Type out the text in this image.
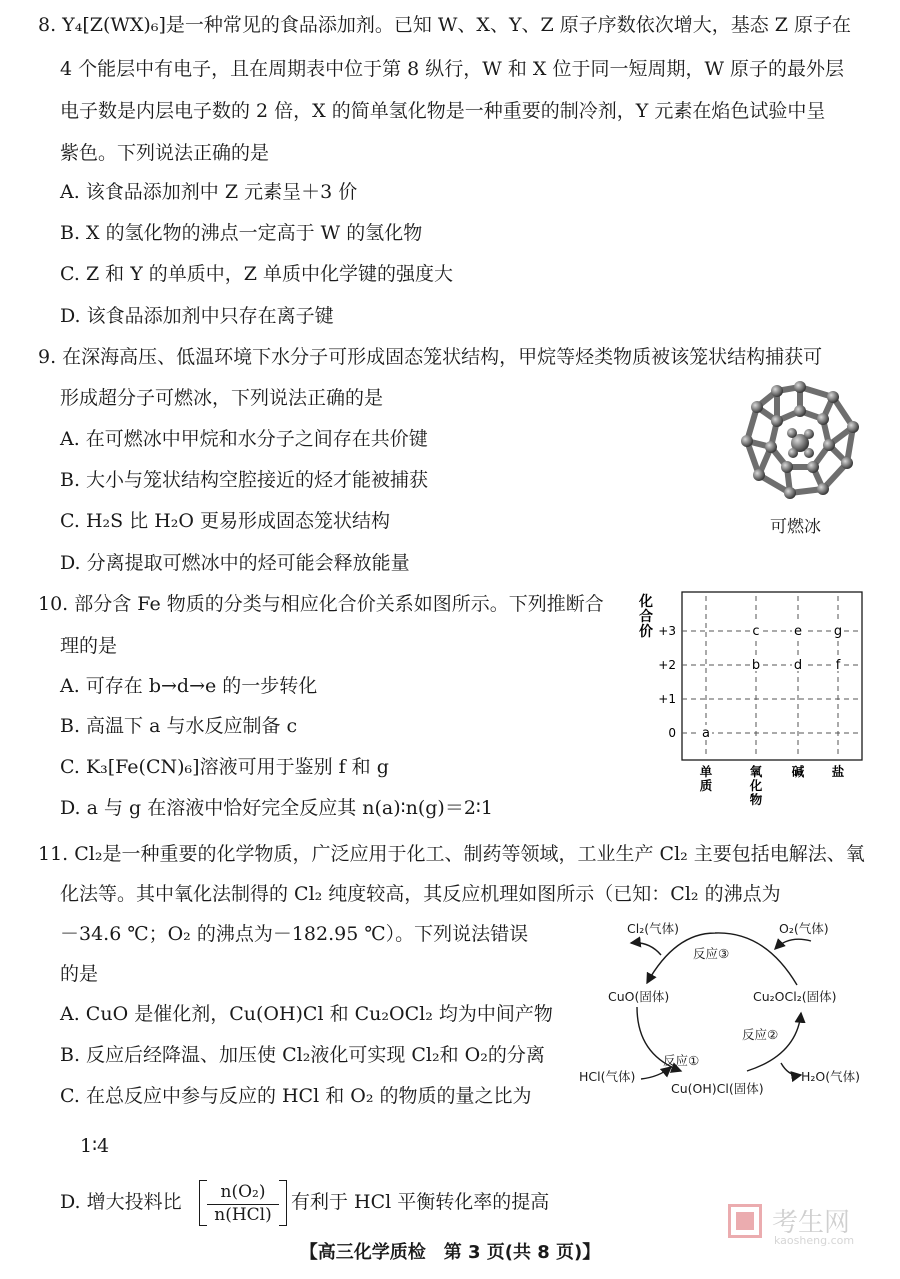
8. Y₄[Z(WX)₆]是一种常见的食品添加剂。已知 W、X、Y、Z 原子序数依次增大，基态 Z 原子在
4 个能层中有电子，且在周期表中位于第 8 纵行，W 和 X 位于同一短周期，W 原子的最外层
电子数是内层电子数的 2 倍，X 的简单氢化物是一种重要的制冷剂，Y 元素在焰色试验中呈
紫色。下列说法正确的是
A. 该食品添加剂中 Z 元素呈＋3 价
B. X 的氢化物的沸点一定高于 W 的氢化物
C. Z 和 Y 的单质中，Z 单质中化学键的强度大
D. 该食品添加剂中只存在离子键
9. 在深海高压、低温环境下水分子可形成固态笼状结构，甲烷等烃类物质被该笼状结构捕获可
形成超分子可燃冰，下列说法正确的是
A. 在可燃冰中甲烷和水分子之间存在共价键
B. 大小与笼状结构空腔接近的烃才能被捕获
C. H₂S 比 H₂O 更易形成固态笼状结构
D. 分离提取可燃冰中的烃可能会释放能量
可燃冰
10. 部分含 Fe 物质的分类与相应化合价关系如图所示。下列推断合
理的是
A. 可存在 b→d→e 的一步转化
B. 高温下 a 与水反应制备 c
C. K₃[Fe(CN)₆]溶液可用于鉴别 f 和 g
D. a 与 g 在溶液中恰好完全反应其 n(a)∶n(g)＝2∶1
化
合
价 +3
+2
+1
0
单
质
氧
化
物
碱 盐
a
b
c
d
e
f
g
11. Cl₂是一种重要的化学物质，广泛应用于化工、制药等领域，工业生产 Cl₂ 主要包括电解法、氧
化法等。其中氧化法制得的 Cl₂ 纯度较高，其反应机理如图所示（已知：Cl₂ 的沸点为
－34.6 ℃；O₂ 的沸点为－182.95 ℃）。下列说法错误
的是
A. CuO 是催化剂，Cu(OH)Cl 和 Cu₂OCl₂ 均为中间产物
B. 反应后经降温、加压使 Cl₂液化可实现 Cl₂和 O₂的分离
C. 在总反应中参与反应的 HCl 和 O₂ 的物质的量之比为
1∶4
D. 增大投料比	n(O₂)
n(HCl)
有利于 HCl 平衡转化率的提高
Cl₂(气体)	O₂(气体)
反应③
CuO(固体)	Cu₂OCl₂(固体)
反应②
反应①
HCl(气体)
Cu(OH)Cl(固体)
H₂O(气体)
考生网
kaosheng.com
【高三化学质检　第 3 页(共 8 页)】
